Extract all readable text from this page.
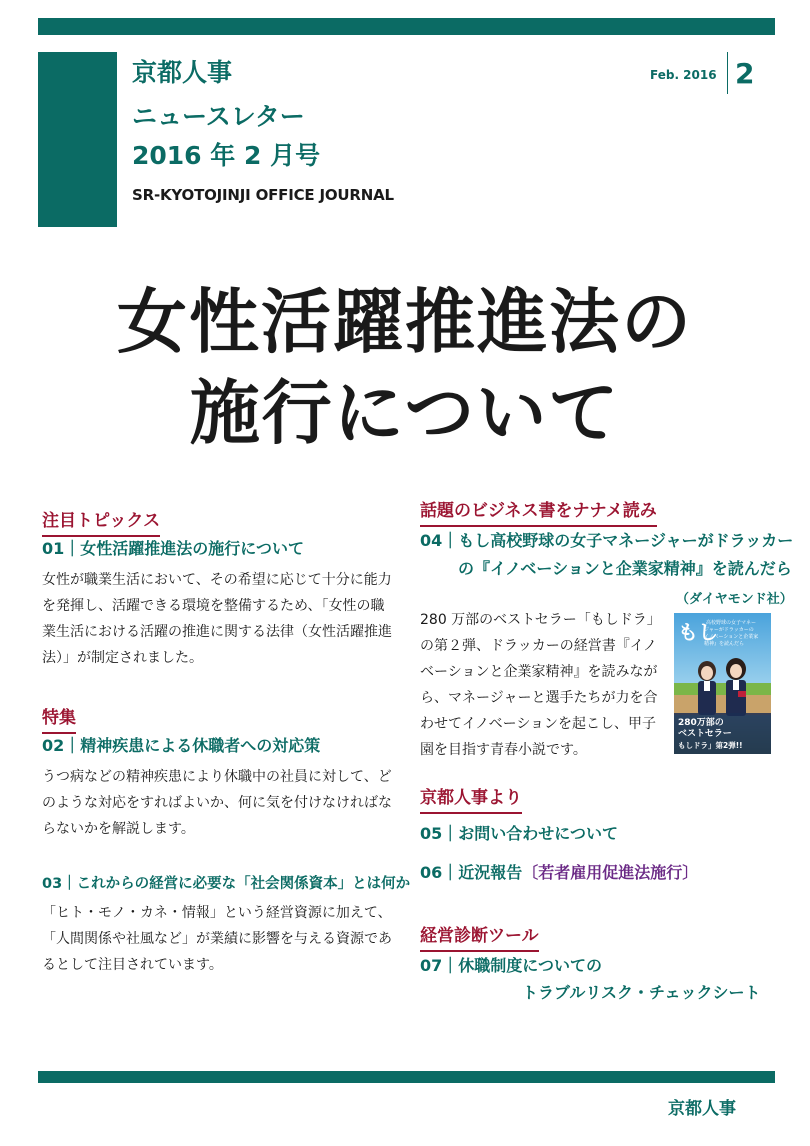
京都人事
ニュースレター
2016 年 2 月号
SR-KYOTOJINJI OFFICE JOURNAL
Feb. 2016 2
女性活躍推進法の
施行について
注目トピックス
01｜女性活躍推進法の施行について
女性が職業生活において、その希望に応じて十分に能力を発揮し、活躍できる環境を整備するため、「女性の職業生活における活躍の推進に関する法律（女性活躍推進法）」が制定されました。
特集
02｜精神疾患による休職者への対応策
うつ病などの精神疾患により休職中の社員に対して、どのような対応をすればよいか、何に気を付けなければならないかを解説します。
03｜これからの経営に必要な「社会関係資本」とは何か
「ヒト・モノ・カネ・情報」という経営資源に加えて、「人間関係や社風など」が業績に影響を与える資源であるとして注目されています。
話題のビジネス書をナナメ読み
04｜もし高校野球の女子マネージャーがドラッカー
の『イノベーションと企業家精神』を読んだら
（ダイヤモンド社）
280 万部のベストセラー「もしドラ」の第２弾、ドラッカーの経営書『イノベーションと企業家精神』を読みながら、マネージャーと選手たちが力を合わせてイノベーションを起こし、甲子園を目指す青春小説です。
もし
高校野球の女子マネー
ジャーがドラッカーの
イノベーションと企業家
精神』を読んだら
280万部の
ベストセラー
もしドラ」第2弾!!
京都人事より
05｜お問い合わせについて
06｜近況報告〔若者雇用促進法施行〕
経営診断ツール
07｜休職制度についての
トラブルリスク・チェックシート
京都人事
